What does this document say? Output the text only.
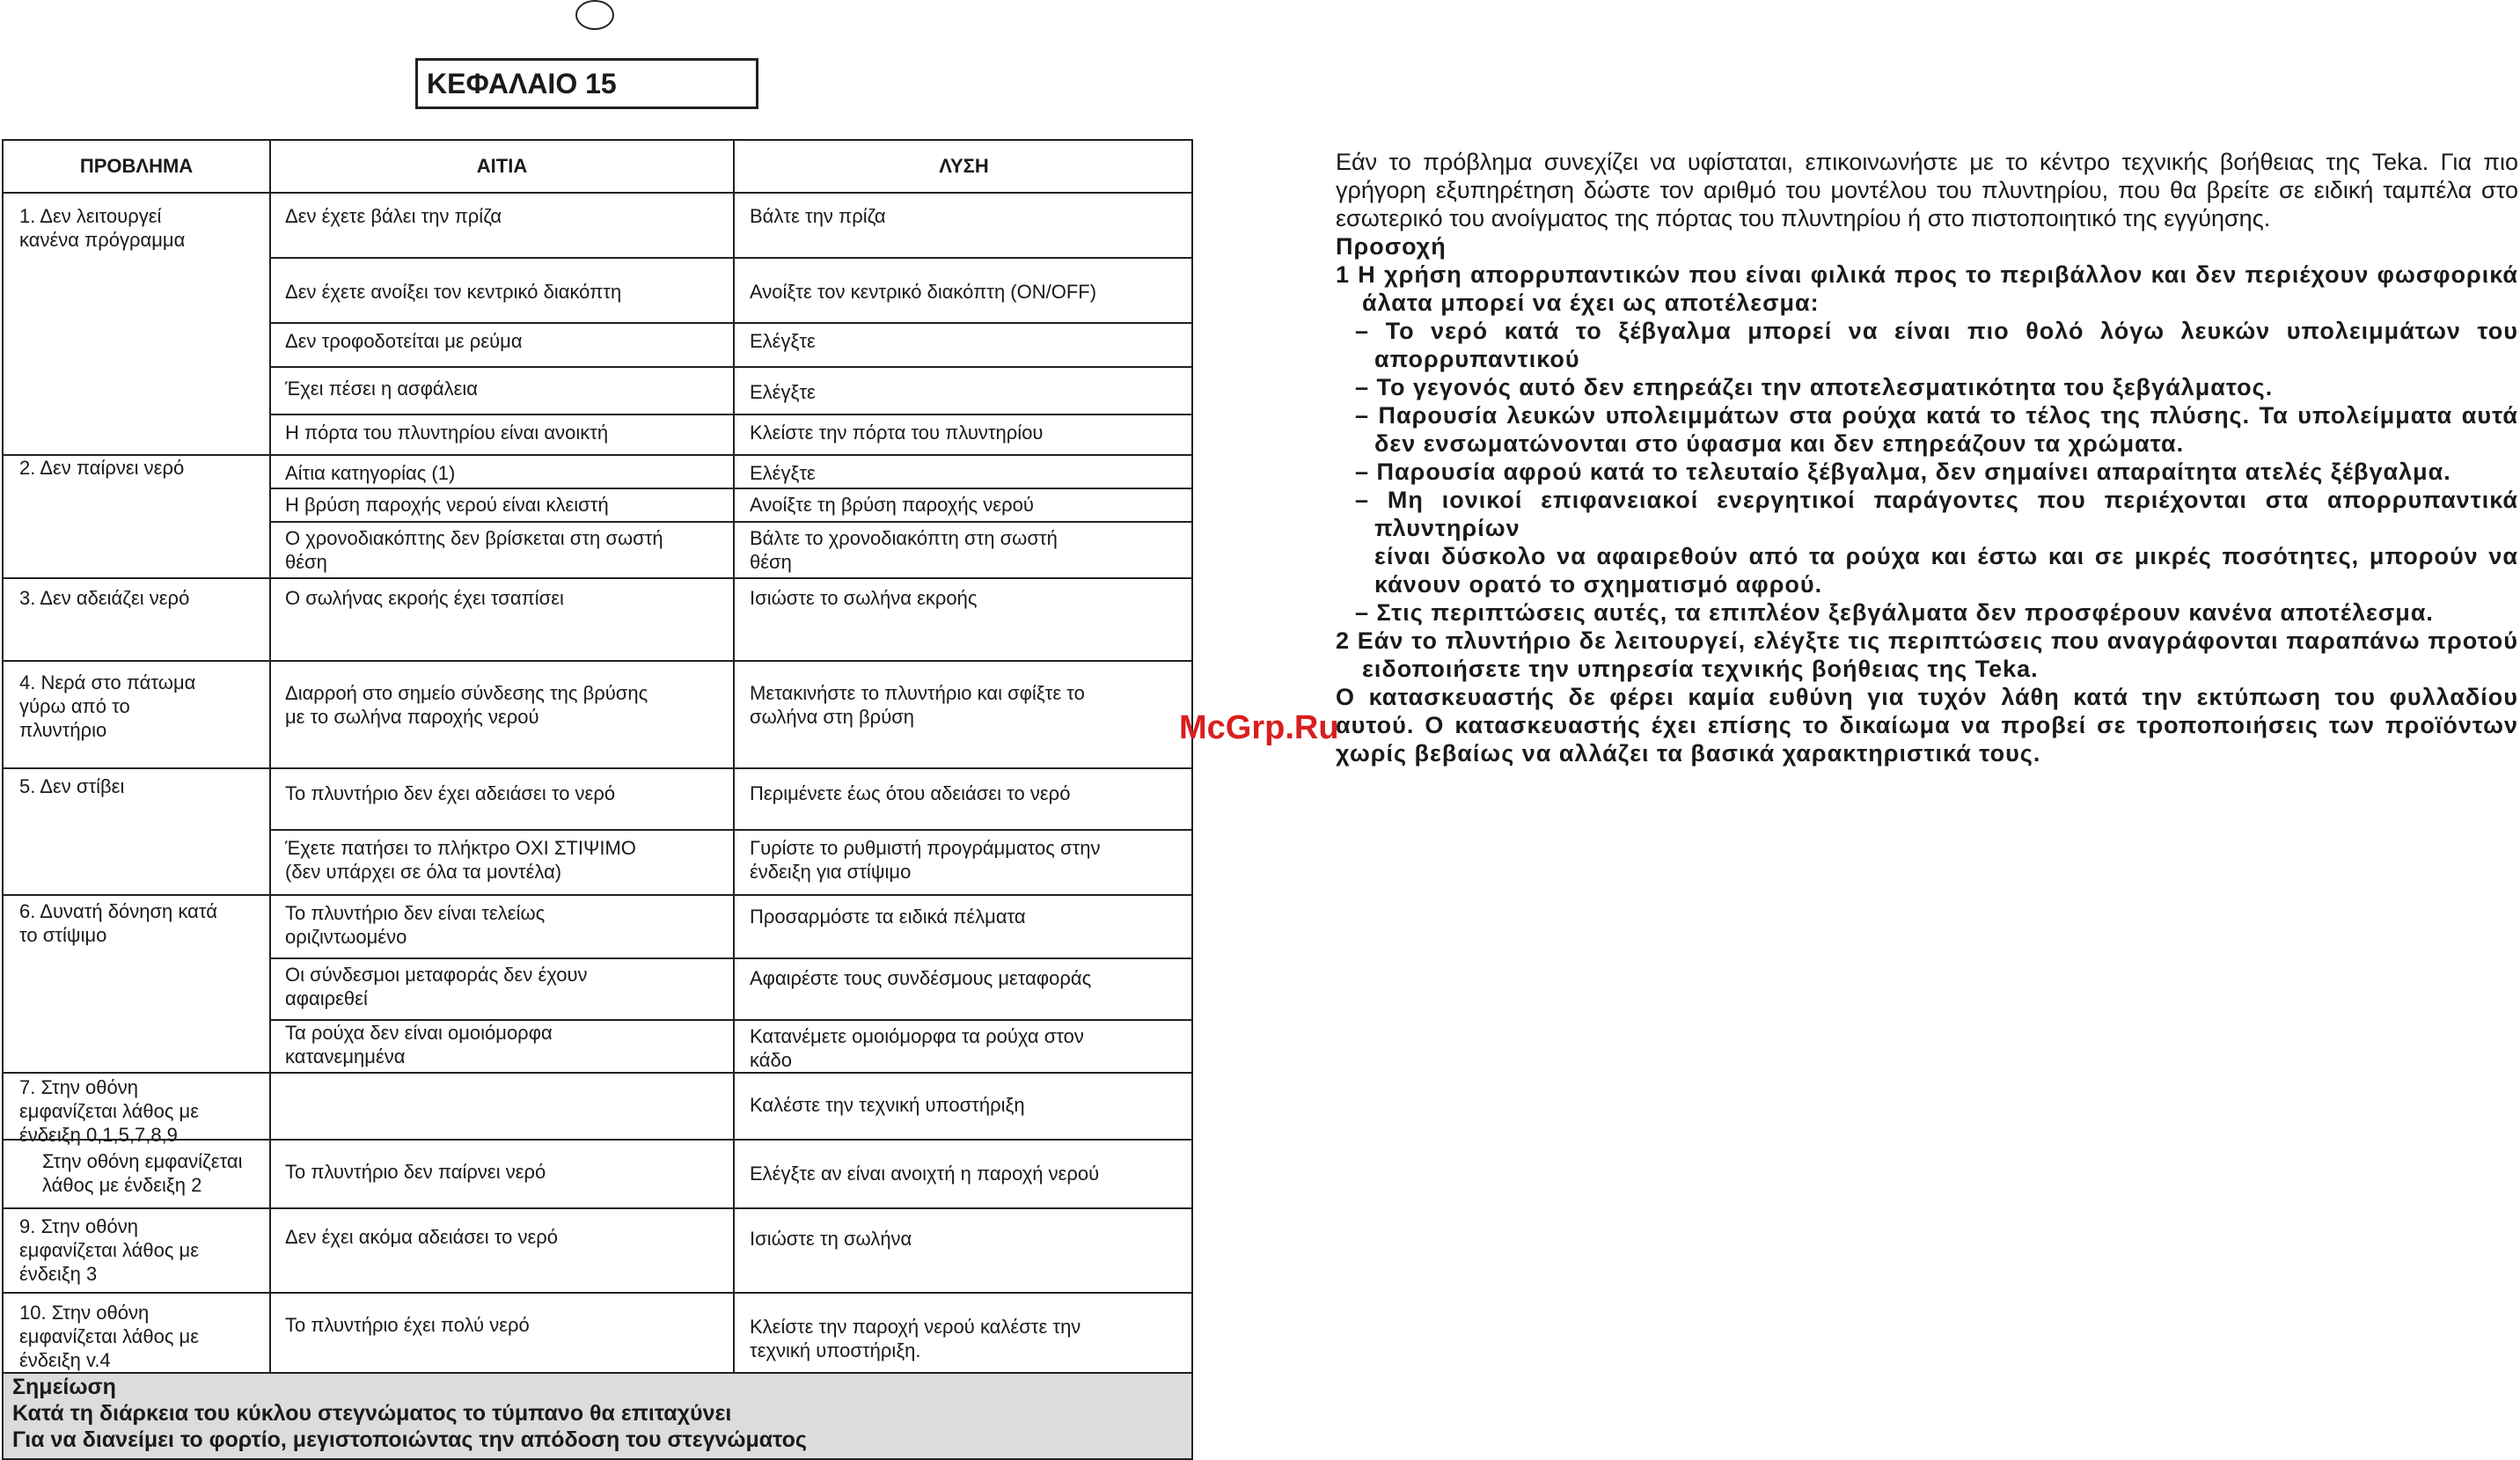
ΚΕΦΑΛΑΙΟ 15
ΠΡΟΒΛΗΜΑ	ΑΙΤΙΑ	ΛΥΣΗ
1. Δεν λειτουργεί
κανένα πρόγραμμα
2. Δεν παίρνει νερό
3. Δεν αδειάζει νερό
4. Νερά στο πάτωμα
γύρω από το
πλυντήριο
5. Δεν στίβει
6. Δυνατή δόνηση κατά
το στίψιμο
7. Στην οθόνη
εμφανίζεται λάθος με
ένδειξη 0,1,5,7,8,9
Στην οθόνη εμφανίζεται
λάθος με ένδειξη 2
9. Στην οθόνη
εμφανίζεται λάθος με
ένδειξη 3
10. Στην οθόνη
εμφανίζεται λάθος με
ένδειξη v.4
Δεν έχετε βάλει την πρίζα
Δεν έχετε ανοίξει τον κεντρικό διακόπτη
Δεν τροφοδοτείται με ρεύμα
Έχει πέσει η ασφάλεια
Η πόρτα του πλυντηρίου είναι ανοικτή
Αίτια κατηγορίας (1)
Η βρύση παροχής νερού είναι κλειστή
Ο χρονοδιακόπτης δεν βρίσκεται στη σωστή
θέση
Ο σωλήνας εκροής έχει τσαπίσει
Διαρροή στο σημείο σύνδεσης της βρύσης
με το σωλήνα παροχής νερού
Το πλυντήριο δεν έχει αδειάσει το νερό
Έχετε πατήσει το πλήκτρο ΟΧΙ ΣΤΙΨΙΜΟ
(δεν υπάρχει σε όλα τα μοντέλα)
Το πλυντήριο δεν είναι τελείως
οριζιντωομένο
Οι σύνδεσμοι μεταφοράς δεν έχουν
αφαιρεθεί
Τα ρούχα δεν είναι ομοιόμορφα
κατανεμημένα
Το πλυντήριο δεν παίρνει νερό
Δεν έχει ακόμα αδειάσει το νερό
Το πλυντήριο έχει πολύ νερό
Βάλτε την πρίζα
Ανοίξτε τον κεντρικό διακόπτη (ON/OFF)
Ελέγξτε
Ελέγξτε
Κλείστε την πόρτα του πλυντηρίου
Ελέγξτε
Ανοίξτε τη βρύση παροχής νερού
Βάλτε το χρονοδιακόπτη στη σωστή
θέση
Ισιώστε το σωλήνα εκροής
Μετακινήστε το πλυντήριο και σφίξτε το
σωλήνα στη βρύση
Περιμένετε έως ότου αδειάσει το νερό
Γυρίστε το ρυθμιστή προγράμματος στην
ένδειξη για στίψιμο
Προσαρμόστε τα ειδικά πέλματα
Αφαιρέστε τους συνδέσμους μεταφοράς
Κατανέμετε ομοιόμορφα τα ρούχα στον
κάδο
Καλέστε την τεχνική υποστήριξη
Ελέγξτε αν είναι ανοιχτή η παροχή νερού
Ισιώστε τη σωλήνα
Κλείστε την παροχή νερού καλέστε την
τεχνική υποστήριξη.
Σημείωση
Κατά τη διάρκεια του κύκλου στεγνώματος το τύμπανο θα επιταχύνει
Για να διανείμει το φορτίο, μεγιστοποιώντας την απόδοση του στεγνώματος

Εάν το πρόβλημα συνεχίζει να υφίσταται, επικοινωνήστε με το κέντρο τεχνικής βοήθειας της Teka. Για πιο γρήγορη εξυπηρέτηση δώστε τον αριθμό του μοντέλου του πλυντηρίου, που θα βρείτε σε ειδική ταμπέλα στο εσωτερικό του ανοίγματος της πόρτας του πλυντηρίου ή στο πιστοποιητικό της εγγύησης.

Προσοχή

1 Η χρήση απορρυπαντικών που είναι φιλικά προς το περιβάλλον και δεν περιέχουν φωσφορικά άλατα μπορεί να έχει ως αποτέλεσμα:

– Το νερό κατά το ξέβγαλμα μπορεί να είναι πιο θολό λόγω λευκών υπολειμμάτων του απορρυπαντικού

– Το γεγονός αυτό δεν επηρεάζει την αποτελεσματικότητα του ξεβγάλματος.

– Παρουσία λευκών υπολειμμάτων στα ρούχα κατά το τέλος της πλύσης. Τα υπολείμματα αυτά δεν ενσωματώνονται στο ύφασμα και δεν επηρεάζουν τα χρώματα.

– Παρουσία αφρού κατά το τελευταίο ξέβγαλμα, δεν σημαίνει απαραίτητα ατελές ξέβγαλμα.

– Μη ιονικοί επιφανειακοί ενεργητικοί παράγοντες που περιέχονται στα απορρυπαντικά πλυντηρίων

είναι δύσκολο να αφαιρεθούν από τα ρούχα και έστω και σε μικρές ποσότητες, μπορούν να κάνουν ορατό το σχηματισμό αφρού.

– Στις περιπτώσεις αυτές, τα επιπλέον ξεβγάλματα δεν προσφέρουν κανένα αποτέλεσμα.

2 Εάν το πλυντήριο δε λειτουργεί, ελέγξτε τις περιπτώσεις που αναγράφονται παραπάνω προτού ειδοποιήσετε την υπηρεσία τεχνικής βοήθειας της Teka.

Ο κατασκευαστής δε φέρει καμία ευθύνη για τυχόν λάθη κατά την εκτύπωση του φυλλαδίου αυτού. Ο κατασκευαστής έχει επίσης το δικαίωμα να προβεί σε τροποποιήσεις των προϊόντων χωρίς βεβαίως να αλλάζει τα βασικά χαρακτηριστικά τους.

McGrp.Ru
